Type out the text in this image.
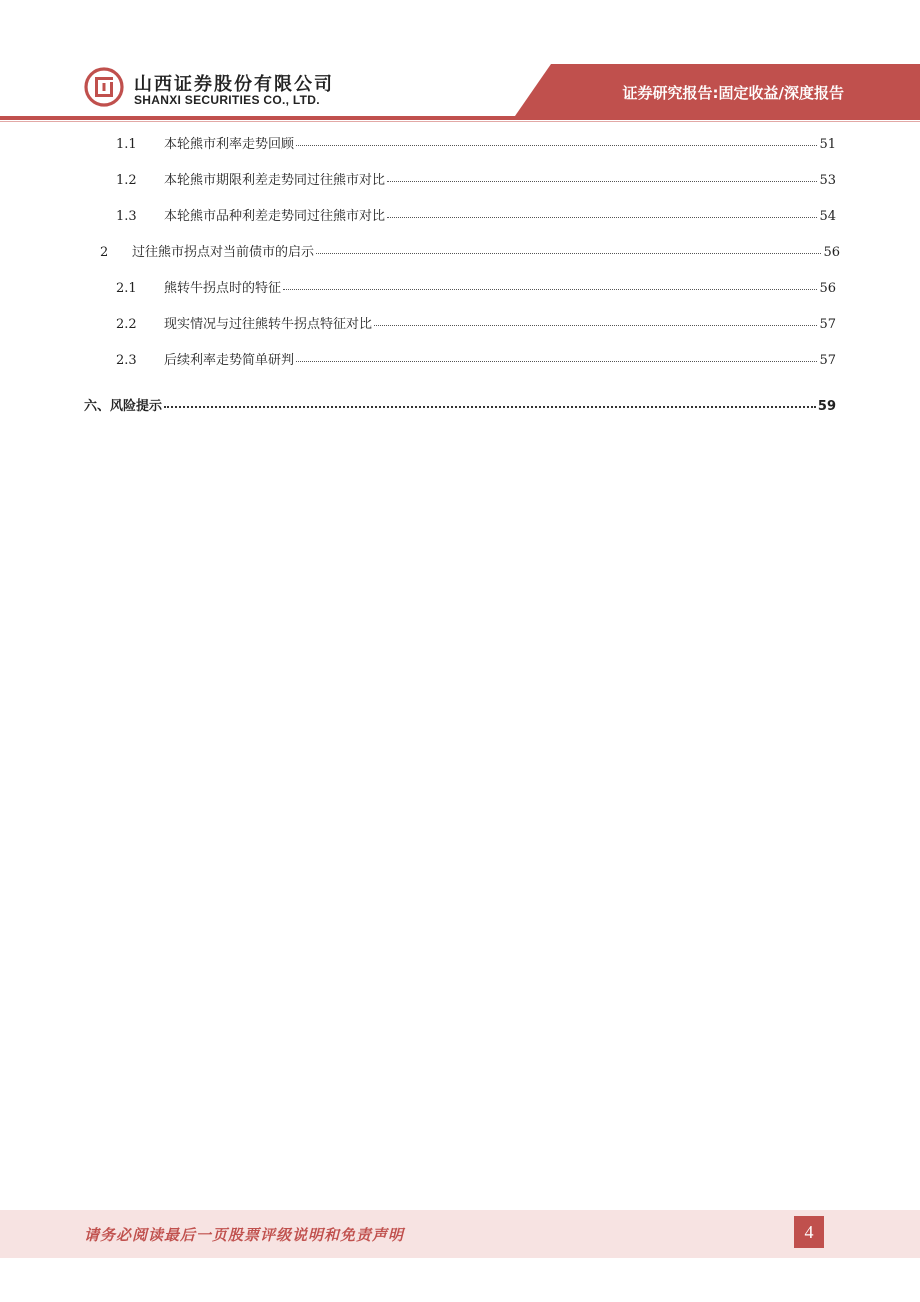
山西证券股份有限公司
SHANXI SECURITIES CO., LTD.	证券研究报告:固定收益/深度报告
1.1	本轮熊市利率走势回顾	51
1.2	本轮熊市期限利差走势同过往熊市对比	53
1.3	本轮熊市品种利差走势同过往熊市对比	54
2	过往熊市拐点对当前债市的启示	56
2.1	熊转牛拐点时的特征	56
2.2	现实情况与过往熊转牛拐点特征对比	57
2.3	后续利率走势简单研判	57
六、风险提示	59
请务必阅读最后一页股票评级说明和免责声明	4
